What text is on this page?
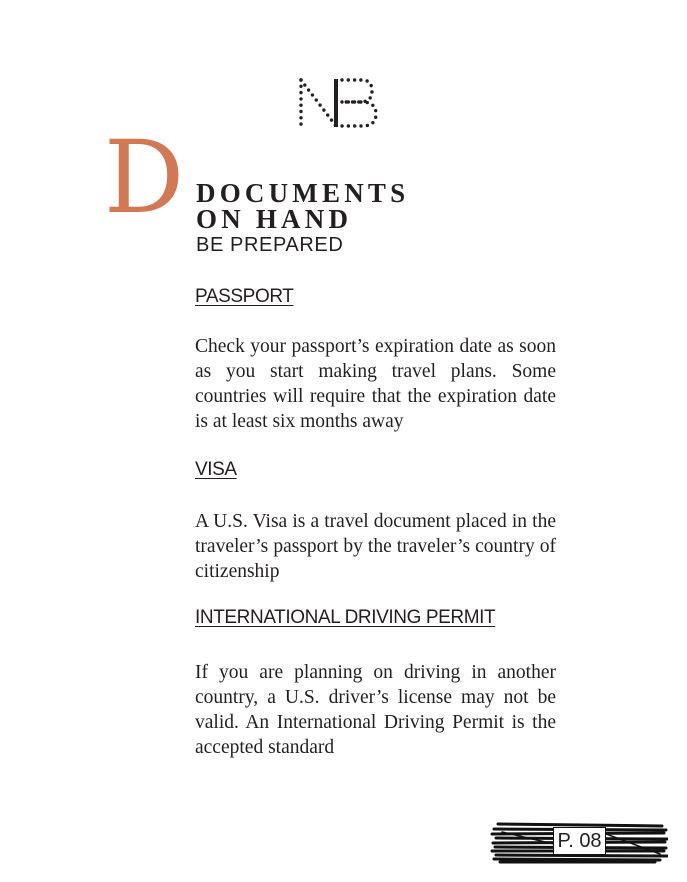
D DOCUMENTS
ON HAND
BE PREPARED
PASSPORT
Check your passport’s expiration date as soon as you start making travel plans. Some countries will require that the expiration date is at least six months away
VISA
A U.S. Visa is a travel document placed in the traveler’s passport by the traveler’s country of citizenship
INTERNATIONAL DRIVING PERMIT
If you are planning on driving in another country, a U.S. driver’s license may not be valid. An International Driving Permit is the accepted standard
P. 08
